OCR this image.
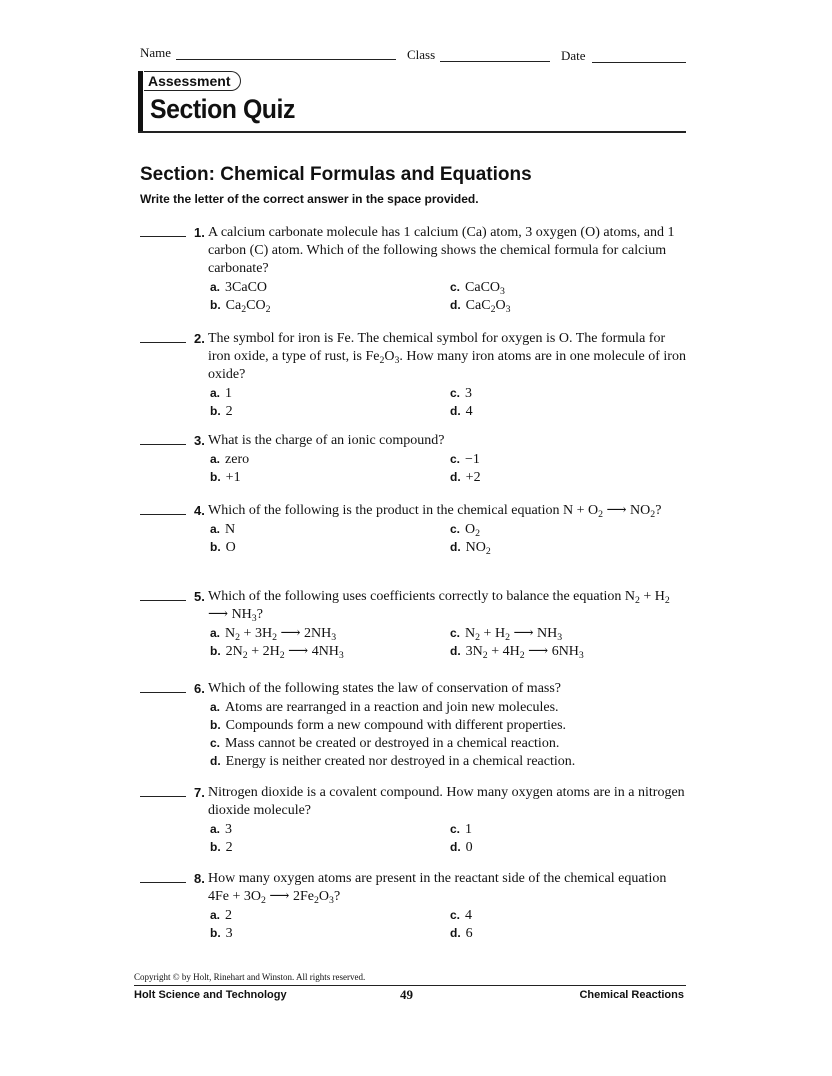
Name	Class	Date
Assessment
Section Quiz
Section: Chemical Formulas and Equations
Write the letter of the correct answer in the space provided.
1. A calcium carbonate molecule has 1 calcium (Ca) atom, 3 oxygen (O) atoms, and 1 carbon (C) atom. Which of the following shows the chemical formula for calcium carbonate?
a. 3CaCO	c. CaCO$_3$
b. $Ca_2CO_2$	d. $CaC_2O_3$
2. The symbol for iron is Fe. The chemical symbol for oxygen is O. The formula for iron oxide, a type of rust, is $Fe_2O_3$. How many iron atoms are in one molecule of iron oxide?
a. 1	c. 3
b. 2	d. 4
3. What is the charge of an ionic compound?
a. zero	c. −1
b. +1	d. +2
4. Which of the following is the product in the chemical equation $N + O_2$ ⟶ $NO_2$?
a. N	c. $O_2$
b. O	d. $NO_2$
5. Which of the following uses coefficients correctly to balance the equation $N_2 + H_2$ ⟶ $NH_3$?
a. $N_2 + 3H_2$ ⟶ $2NH_3$	c. $N_2 + H_2$ ⟶ $NH_3$
b. $2N_2 + 2H_2$ ⟶ $4NH_3$	d. $3N_2 + 4H_2$ ⟶ $6NH_3$
6. Which of the following states the law of conservation of mass?
a. Atoms are rearranged in a reaction and join new molecules.
b. Compounds form a new compound with different properties.
c. Mass cannot be created or destroyed in a chemical reaction.
d. Energy is neither created nor destroyed in a chemical reaction.
7. Nitrogen dioxide is a covalent compound. How many oxygen atoms are in a nitrogen dioxide molecule?
a. 3	c. 1
b. 2	d. 0
8. How many oxygen atoms are present in the reactant side of the chemical equation $4Fe + 3O_2$ ⟶ $2Fe_2O_3$?
a. 2	c. 4
b. 3	d. 6
Copyright © by Holt, Rinehart and Winston. All rights reserved.
Holt Science and Technology	49	Chemical Reactions
